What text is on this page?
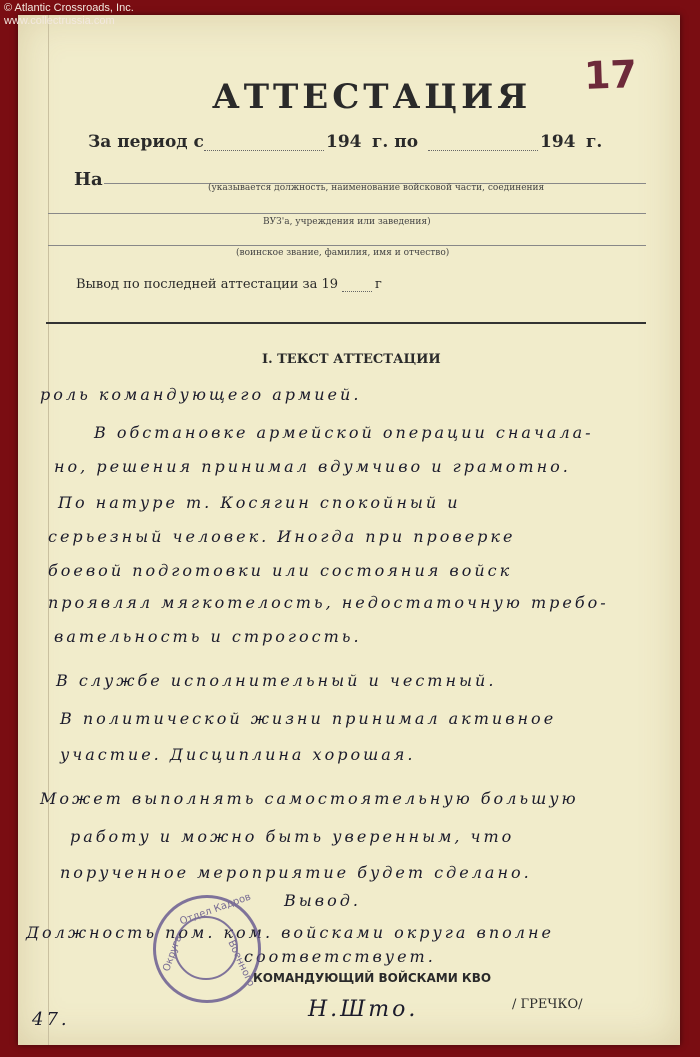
© Atlantic Crossroads, Inc.
www.collectrussia.com
АТТЕСТАЦИЯ 17
За период с	194 г. по	194 г.
На	(указывается должность, наименование войсковой части, соединения
ВУЗ'а, учреждения или заведения)
(воинское звание, фамилия, имя и отчество)
Вывод по последней аттестации за 19	г
I. ТЕКСТ АТТЕСТАЦИИ
роль командующего армией.
В обстановке армейской операции сначала-
но, решения принимал вдумчиво и грамотно.
По натуре т. Косягин спокойный и
серьезный человек. Иногда при проверке
боевой подготовки или состояния войск
проявлял мягкотелость, недостаточную требо-
вательность и строгость.
В службе исполнительный и честный.
В политической жизни принимал активное
участие. Дисциплина хорошая.
Может выполнять самостоятельную большую
работу и можно быть уверенным, что
порученное мероприятие будет сделано.
Вывод.
Должность пом. ком. войсками округа вполне
соответствует.
Отдел Кадров
Округа	Военного
КОМАНДУЮЩИЙ ВОЙСКАМИ КВО
Н.Што.	/ ГРЕЧКО/
47.
